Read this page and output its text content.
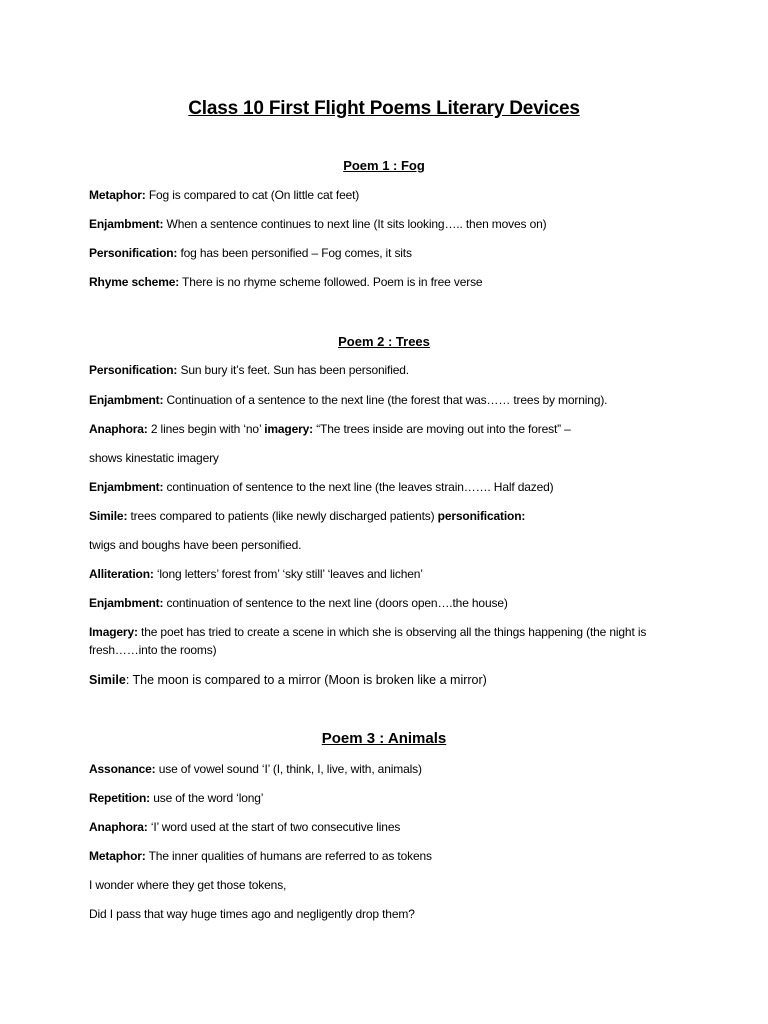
Class 10 First Flight Poems Literary Devices
Poem 1 : Fog

Metaphor: Fog is compared to cat (On little cat feet)

Enjambment: When a sentence continues to next line (It sits looking….. then moves on)

Personification: fog has been personified – Fog comes, it sits

Rhyme scheme: There is no rhyme scheme followed. Poem is in free verse

Poem 2 : Trees

Personification: Sun bury it’s feet. Sun has been personified.

Enjambment: Continuation of a sentence to the next line (the forest that was…… trees by morning).

Anaphora: 2 lines begin with ‘no’ imagery: “The trees inside are moving out into the forest” –

shows kinestatic imagery

Enjambment: continuation of sentence to the next line (the leaves strain……. Half dazed)

Simile: trees compared to patients (like newly discharged patients) personification:

twigs and boughs have been personified.

Alliteration: ‘long letters’ forest from’ ‘sky still’ ‘leaves and lichen’

Enjambment: continuation of sentence to the next line (doors open….the house)

Imagery: the poet has tried to create a scene in which she is observing all the things happening (the night is fresh……into the rooms)

Simile: The moon is compared to a mirror (Moon is broken like a mirror)

Poem 3 : Animals

Assonance: use of vowel sound ‘I’ (I, think, I, live, with, animals)

Repetition: use of the word ‘long’

Anaphora: ‘I’ word used at the start of two consecutive lines

Metaphor: The inner qualities of humans are referred to as tokens

I wonder where they get those tokens,

Did I pass that way huge times ago and negligently drop them?
